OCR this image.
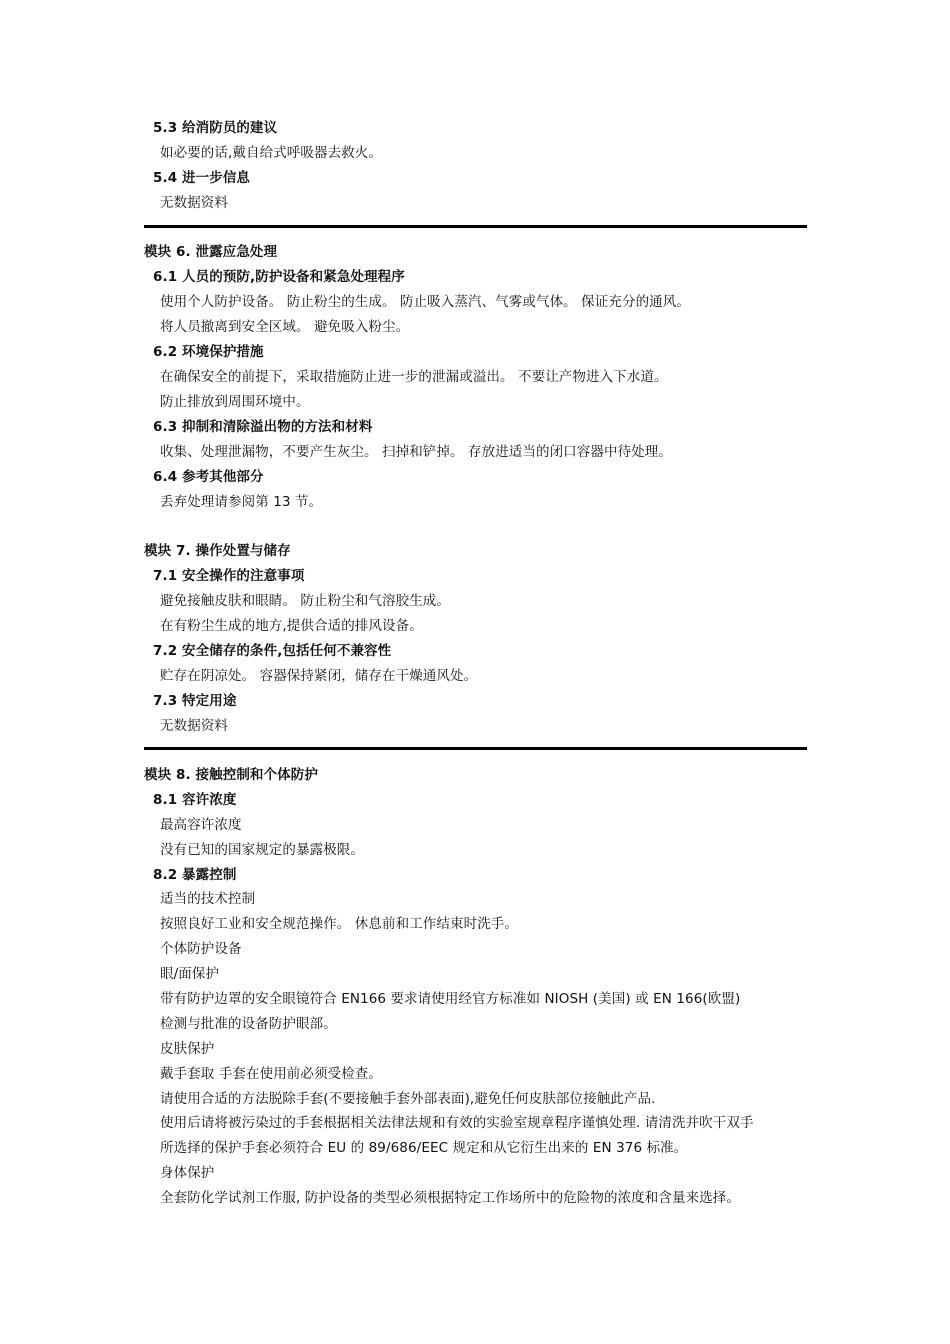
5.3 给消防员的建议
如必要的话,戴自给式呼吸器去救火。
5.4 进一步信息
无数据资料
模块 6. 泄露应急处理
6.1 人员的预防,防护设备和紧急处理程序
使用个人防护设备。 防止粉尘的生成。 防止吸入蒸汽、气雾或气体。 保证充分的通风。
将人员撤离到安全区域。 避免吸入粉尘。
6.2 环境保护措施
在确保安全的前提下，采取措施防止进一步的泄漏或溢出。 不要让产物进入下水道。
防止排放到周围环境中。
6.3 抑制和清除溢出物的方法和材料
收集、处理泄漏物，不要产生灰尘。 扫掉和铲掉。 存放进适当的闭口容器中待处理。
6.4 参考其他部分
丢弃处理请参阅第 13 节。
模块 7. 操作处置与储存
7.1 安全操作的注意事项
避免接触皮肤和眼睛。 防止粉尘和气溶胶生成。
在有粉尘生成的地方,提供合适的排风设备。
7.2 安全储存的条件,包括任何不兼容性
贮存在阴凉处。 容器保持紧闭，储存在干燥通风处。
7.3 特定用途
无数据资料
模块 8. 接触控制和个体防护
8.1 容许浓度
最高容许浓度
没有已知的国家规定的暴露极限。
8.2 暴露控制
适当的技术控制
按照良好工业和安全规范操作。 休息前和工作结束时洗手。
个体防护设备
眼/面保护
带有防护边罩的安全眼镜符合 EN166 要求请使用经官方标准如 NIOSH (美国) 或 EN 166(欧盟)
检测与批准的设备防护眼部。
皮肤保护
戴手套取 手套在使用前必须受检查。
请使用合适的方法脱除手套(不要接触手套外部表面),避免任何皮肤部位接触此产品.
使用后请将被污染过的手套根据相关法律法规和有效的实验室规章程序谨慎处理. 请清洗并吹干双手
所选择的保护手套必须符合 EU 的 89/686/EEC 规定和从它衍生出来的 EN 376 标准。
身体保护
全套防化学试剂工作服, 防护设备的类型必须根据特定工作场所中的危险物的浓度和含量来选择。
